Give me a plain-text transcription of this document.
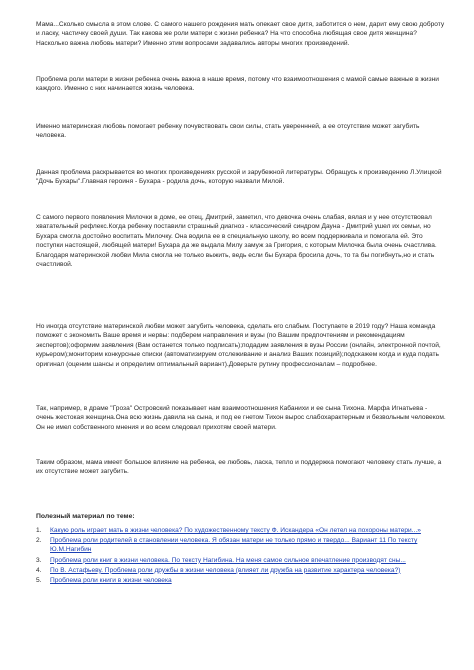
Мама...Сколько смысла в этом слове. С самого нашего рождения мать опекает свое дитя, заботится о нем, дарит ему свою доброту и ласку, частичку своей души. Так какова же роли матери с жизни ребенка? На что способна любящая свое дитя женщина? Насколько важна любовь матери? Именно этим вопросами задавались авторы многих произведений.

Проблема роли матери в жизни ребенка очень важна в наше время, потому что взаимоотношения с мамой самые важные в жизни каждого. Именно с них начинается жизнь человека.

Именно материнская любовь помогает ребенку почувствовать свои силы, стать увереннней, а ее отсутствие может загубить человека.

Данная проблема раскрывается во многих произведениях русской и зарубежной литературы. Обращусь к произведению Л.Улицкой "Дочь Бухары".Главная героиня - Бухара - родила дочь, которую назвали Милой.

С самого первого появления Милочки в доме, ее отец, Дмитрий, заметил, что девочка очень слабая, вялая и у нее отсутствовал хватательный рефлекс.Когда ребенку поставили страшный диагноз - классический синдром Дауна - Дмитрий ушел их семьи, но Бухара смогла достойно воспитать Милочку. Она водила ее в специальную школу, во всем поддерживала и помогала ей. Это поступки настоящей, любящей матери! Бухара да же выдала Милу замуж за Григория, с которым Милочка была очень счастлива. Благодаря материнской любви Мила смогла не только выжить, ведь если бы Бухара бросила дочь, то та бы погибнуть,но и стать счастливой.

Но иногда отсутствие материнской любви может загубить человека, сделать его слабым. Поступаете в 2019 году? Наша команда поможет с экономить Ваше время и нервы: подберем направления и вузы (по Вашим предпочтениям и рекомендациям экспертов);оформим заявления (Вам останется только подписать);подадим заявления в вузы России (онлайн, электронной почтой, курьером);мониторим конкурсные списки (автоматизируем отслеживание и анализ Ваших позиций);подскажем когда и куда подать оригинал (оценим шансы и определим оптимальный вариант).Доверьте рутину профессионалам – подробнее.

Так, например, в драме "Гроза" Островский показывает нам взаимоотношения Кабанихи и ее сына Тихона. Марфа Игнатьева - очень жестокая женщина.Она всю жизнь давила на сына, и под ее гнетом Тихон вырос слабохарактерным и безвольным человеком. Он не имел собственного мнения и во всем следовал прихотям своей матери.

Таким образом, мама имеет большое влияние на ребенка, ее любовь, ласка, тепло и поддержка помогают человеку стать лучше, а их отсутствие может загубить.

Полезный материал по теме:

1. Какую роль играет мать в жизни человека? По художественному тексту Ф. Искандера «Он летел на похороны матери...»
2. Проблема роли родителей в становлении человека. Я обязан матери не только прямо и твердо... Вариант 11 По тексту Ю.М.Нагибин
3. Проблема роли книг в жизни человека. По тексту Нагибина. На меня самое сильное впечатление производят сны...
4. По В. Астафьеву. Проблема роли дружбы в жизни человека (влияет ли дружба на развитие характера человека?)
5. Проблема роли книги в жизни человека
